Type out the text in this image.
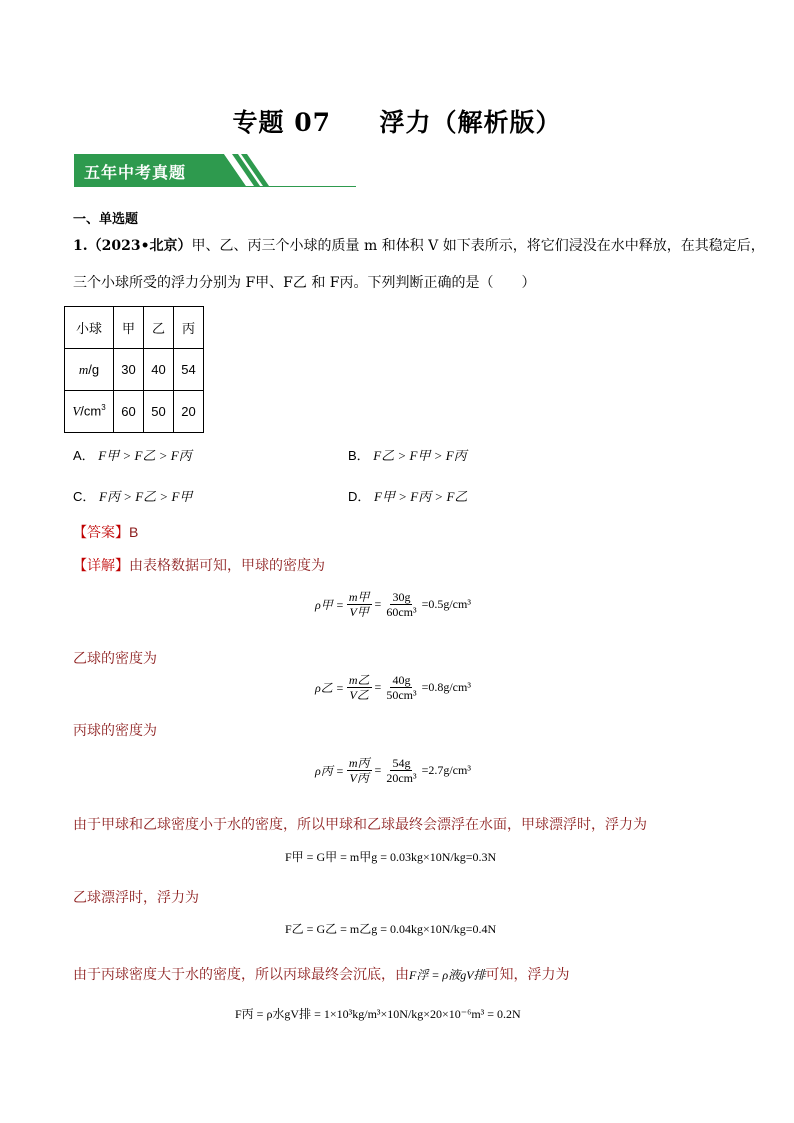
专题 07     浮力（解析版）
五年中考真题
一、单选题
1.（2023•北京）甲、乙、丙三个小球的质量 m 和体积 V 如下表所示，将它们浸没在水中释放，在其稳定后，
三个小球所受的浮力分别为 F甲、F乙 和 F丙。下列判断正确的是（　　）
小球	甲	乙	丙
m/g	30	40	54
$V/cm^3$	60	50	20
A． F甲 > F乙 > F丙	B． F乙 > F甲 > F丙
C． F丙 > F乙 > F甲	D． F甲 > F丙 > F乙
【答案】B
【详解】由表格数据可知，甲球的密度为
ρ甲 = $\frac{\text{m甲}}{\text{V甲}} = \frac{30g}{\text{60cm³}} =0.5g/cm^3$
乙球的密度为
ρ乙 = $\frac{\text{m乙}}{\text{V乙}} = \frac{40g}{\text{50cm³}} =0.8g/cm^3$
丙球的密度为
ρ丙 = $\frac{\text{m丙}}{\text{V丙}} = \frac{54g}{\text{20cm³}} =2.7g/cm^3$
由于甲球和乙球密度小于水的密度，所以甲球和乙球最终会漂浮在水面，甲球漂浮时，浮力为
F甲 = G甲 = m甲g = 0.03kg×10N/kg=0.3N
乙球漂浮时，浮力为
F乙 = G乙 = m乙g = 0.04kg×10N/kg=0.4N
由于丙球密度大于水的密度，所以丙球最终会沉底，由F浮 = ρ液gV排可知，浮力为
F丙 = ρ水gV排 = 1×10³kg/m³×10N/kg×20×10⁻⁶m³ = 0.2N
